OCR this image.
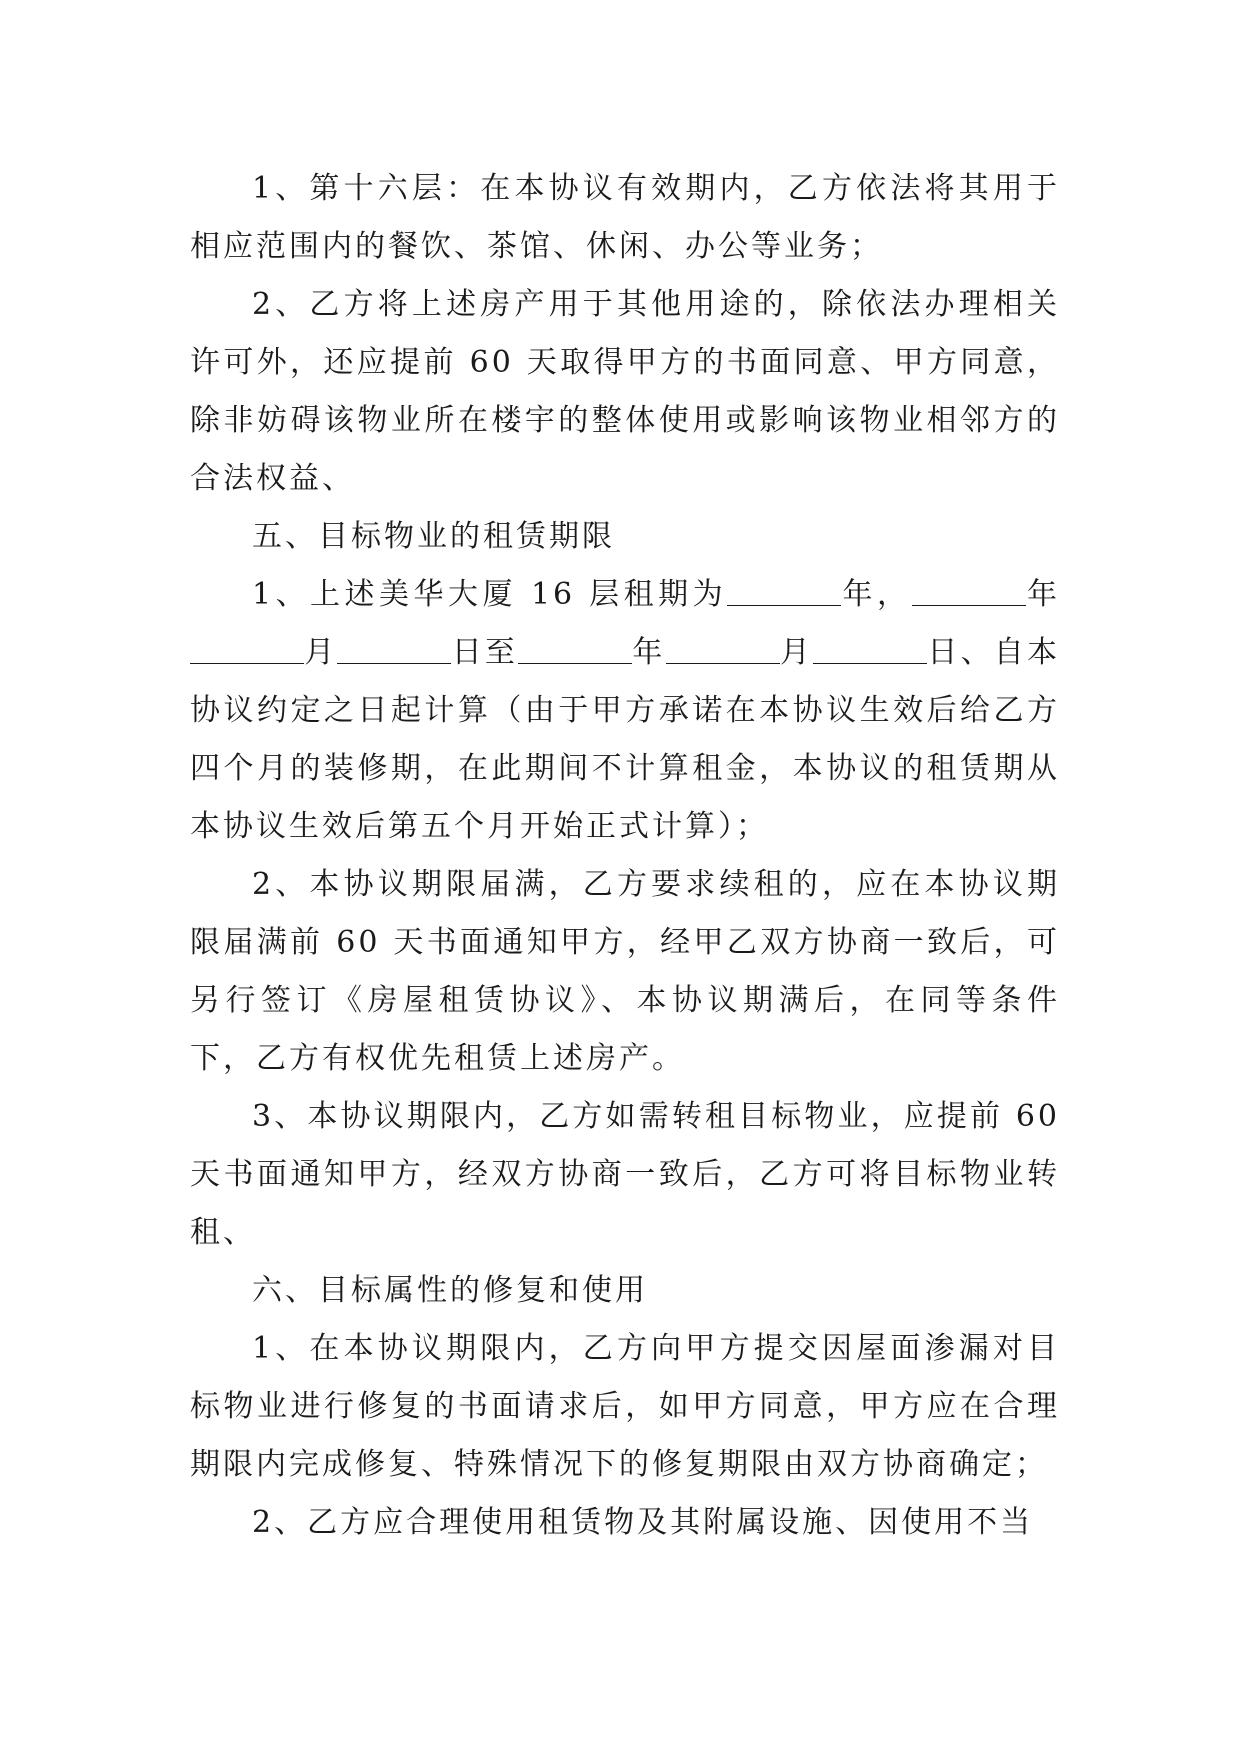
1、第十六层：在本协议有效期内，乙方依法将其用于相应范围内的餐饮、茶馆、休闲、办公等业务；

2、乙方将上述房产用于其他用途的，除依法办理相关许可外，还应提前 60 天取得甲方的书面同意、甲方同意，除非妨碍该物业所在楼宇的整体使用或影响该物业相邻方的合法权益、

五、目标物业的租赁期限

1、上述美华大厦 16 层租期为	年，	年月	日至	年	月	日、自本协议约定之日起计算（由于甲方承诺在本协议生效后给乙方四个月的装修期，在此期间不计算租金，本协议的租赁期从本协议生效后第五个月开始正式计算）；

2、本协议期限届满，乙方要求续租的，应在本协议期限届满前 60 天书面通知甲方，经甲乙双方协商一致后，可另行签订《房屋租赁协议》、本协议期满后，在同等条件下，乙方有权优先租赁上述房产。

3、本协议期限内，乙方如需转租目标物业，应提前 60 天书面通知甲方，经双方协商一致后，乙方可将目标物业转租、

六、目标属性的修复和使用

1、在本协议期限内，乙方向甲方提交因屋面渗漏对目标物业进行修复的书面请求后，如甲方同意，甲方应在合理期限内完成修复、特殊情况下的修复期限由双方协商确定；

2、乙方应合理使用租赁物及其附属设施、因使用不当
